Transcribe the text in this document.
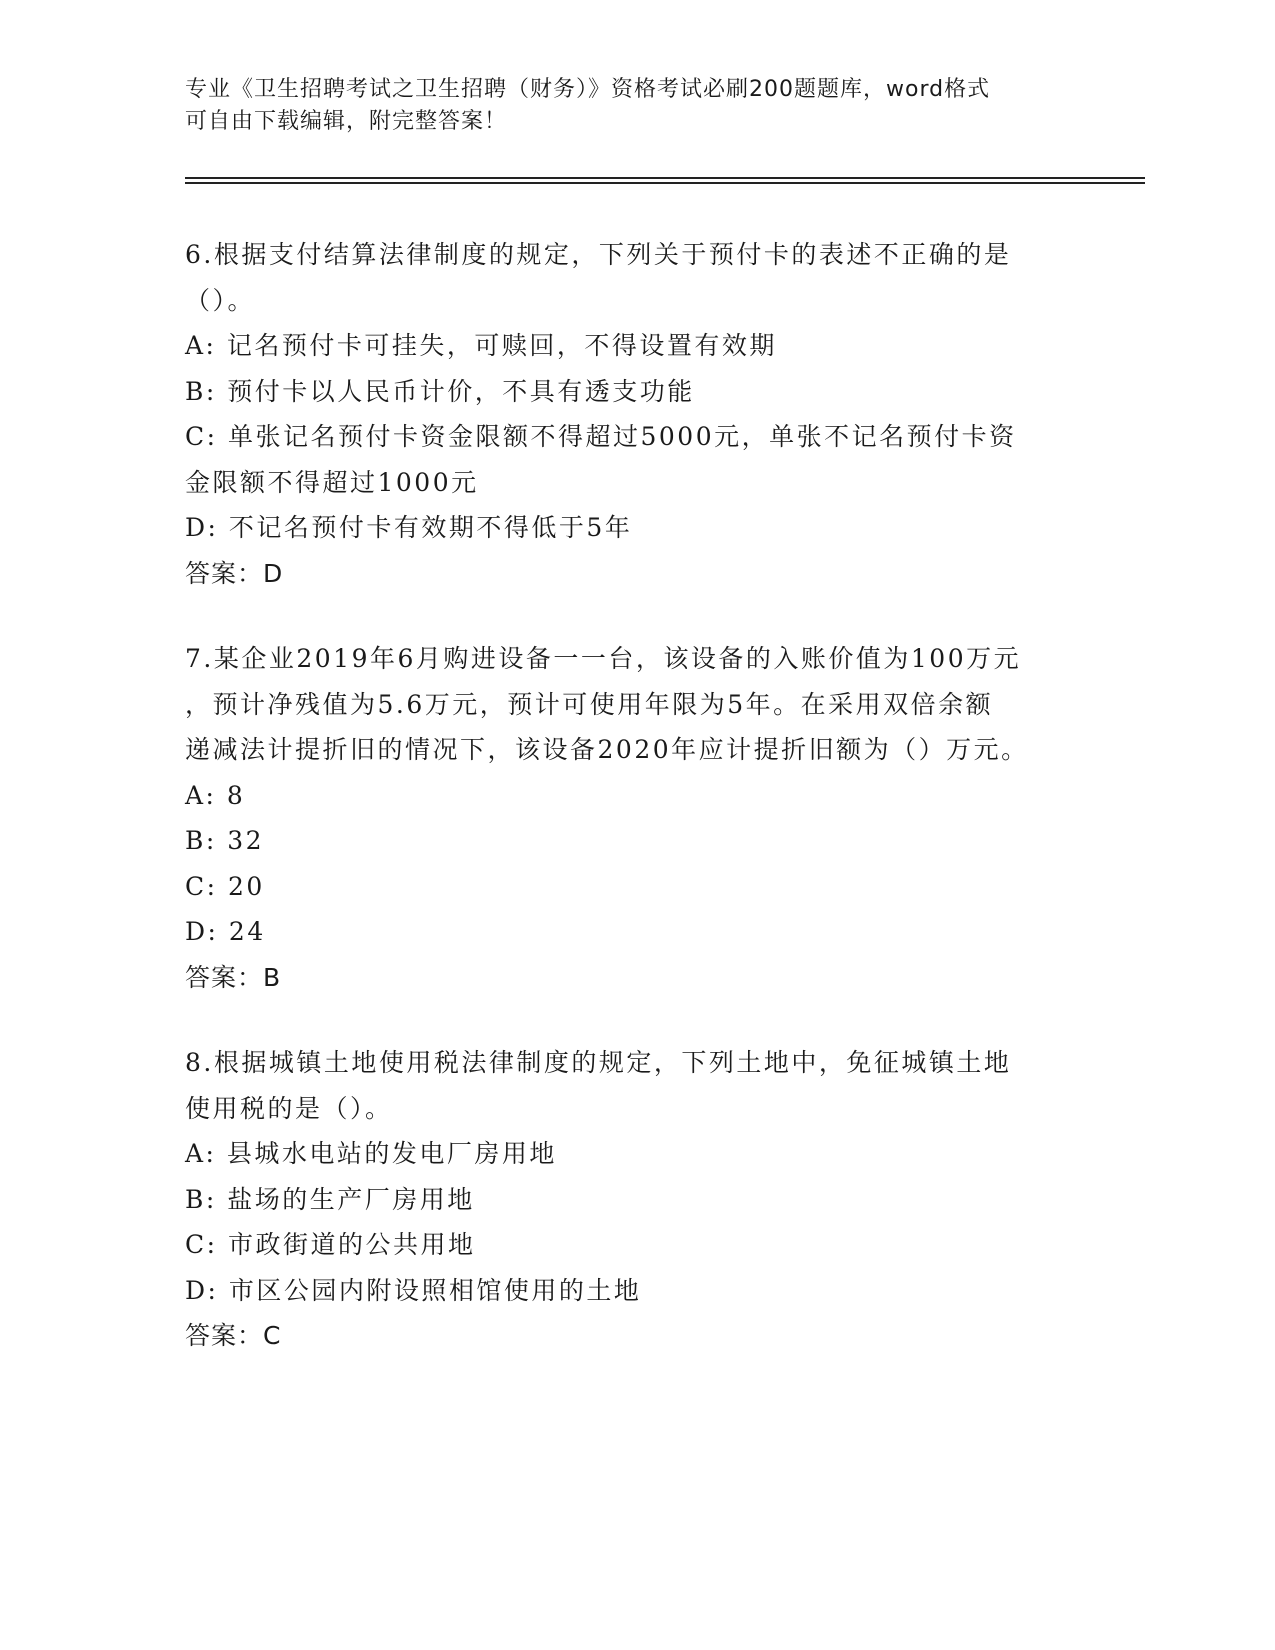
专业《卫生招聘考试之卫生招聘（财务）》资格考试必刷200题题库，word格式
可自由下载编辑，附完整答案！
6.根据支付结算法律制度的规定，下列关于预付卡的表述不正确的是
（）。
A: 记名预付卡可挂失，可赎回，不得设置有效期
B: 预付卡以人民币计价，不具有透支功能
C: 单张记名预付卡资金限额不得超过5000元，单张不记名预付卡资
金限额不得超过1000元
D: 不记名预付卡有效期不得低于5年
答案：D
7.某企业2019年6月购进设备一一台，该设备的入账价值为100万元
，预计净残值为5.6万元，预计可使用年限为5年。在采用双倍余额
递减法计提折旧的情况下，该设备2020年应计提折旧额为（）万元。
A: 8
B: 32
C: 20
D: 24
答案：B
8.根据城镇土地使用税法律制度的规定，下列土地中，免征城镇土地
使用税的是（）。
A: 县城水电站的发电厂房用地
B: 盐场的生产厂房用地
C: 市政街道的公共用地
D: 市区公园内附设照相馆使用的土地
答案：C
